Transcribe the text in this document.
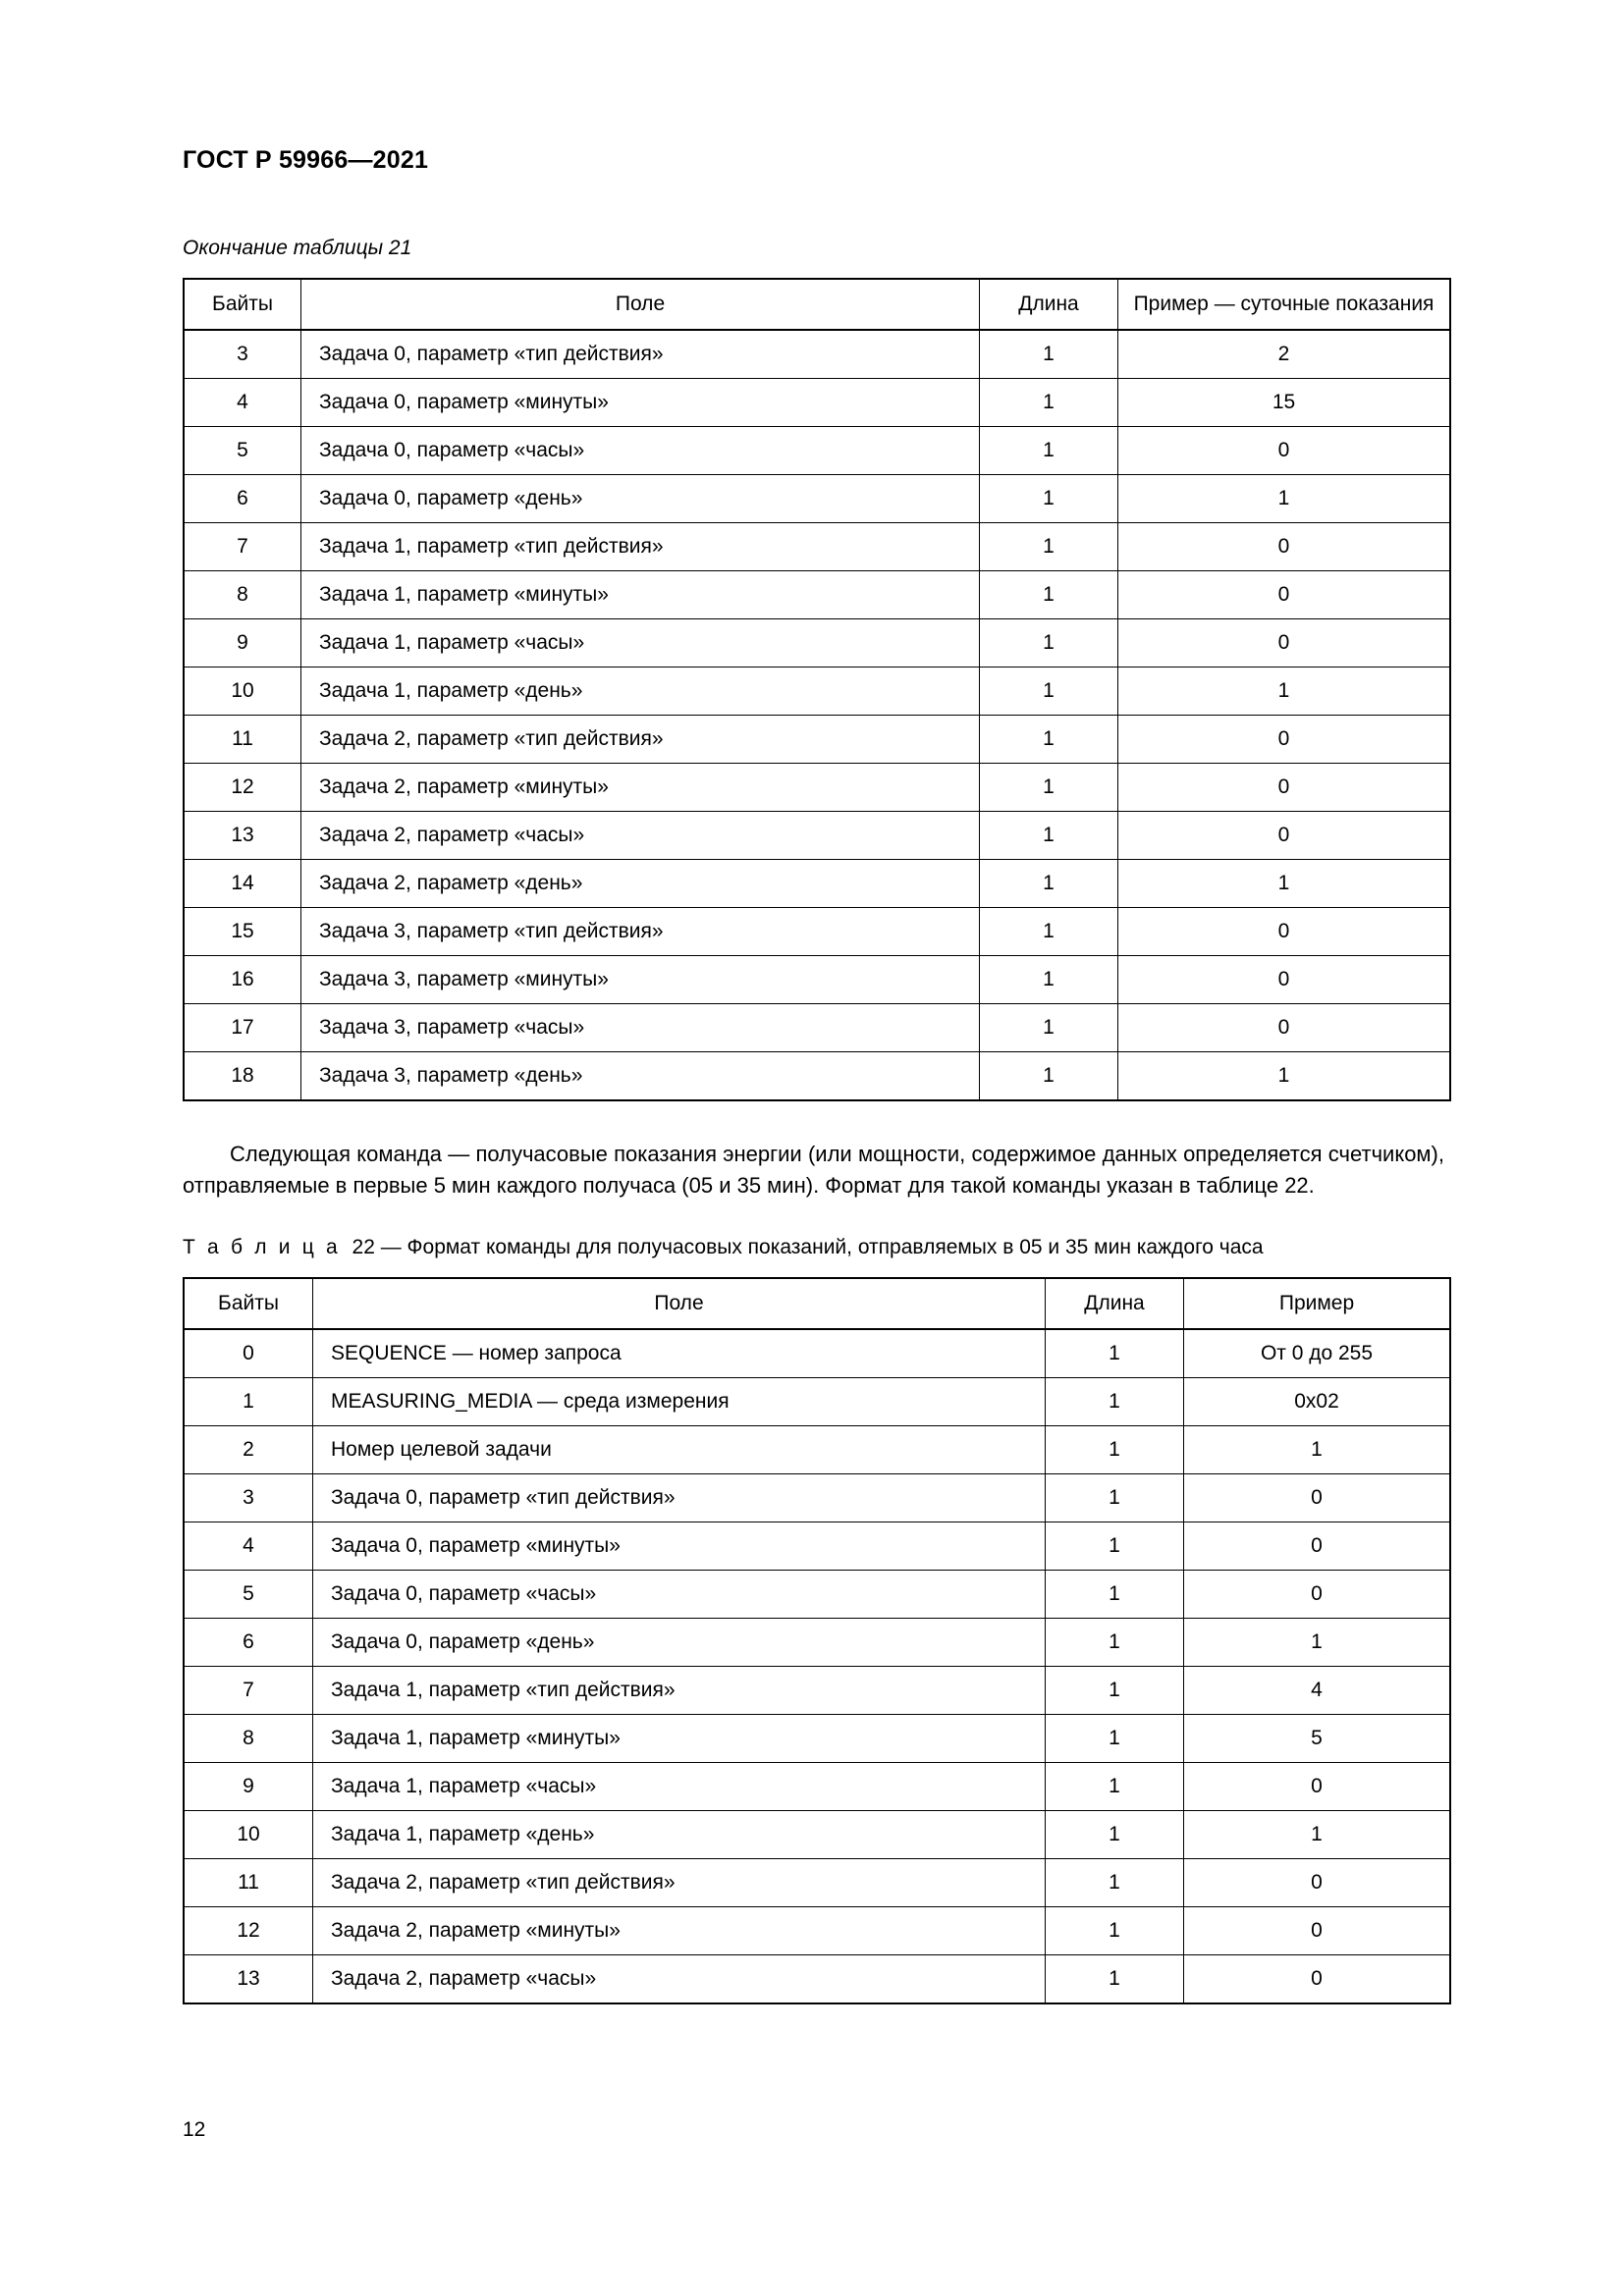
ГОСТ Р 59966—2021
Окончание таблицы 21
Байты	Поле	Длина	Пример — суточные показания
3	Задача 0, параметр «тип действия»	1	2
4	Задача 0, параметр «минуты»	1	15
5	Задача 0, параметр «часы»	1	0
6	Задача 0, параметр «день»	1	1
7	Задача 1, параметр «тип действия»	1	0
8	Задача 1, параметр «минуты»	1	0
9	Задача 1, параметр «часы»	1	0
10	Задача 1, параметр «день»	1	1
11	Задача 2, параметр «тип действия»	1	0
12	Задача 2, параметр «минуты»	1	0
13	Задача 2, параметр «часы»	1	0
14	Задача 2, параметр «день»	1	1
15	Задача 3, параметр «тип действия»	1	0
16	Задача 3, параметр «минуты»	1	0
17	Задача 3, параметр «часы»	1	0
18	Задача 3, параметр «день»	1	1

Следующая команда — получасовые показания энергии (или мощности, содержимое данных определяется счетчиком), отправляемые в первые 5 мин каждого получаса (05 и 35 мин). Формат для такой команды указан в таблице 22.

Т а б л и ц а 22 — Формат команды для получасовых показаний, отправляемых в 05 и 35 мин каждого часа
Байты	Поле	Длина	Пример
0	SEQUENCE — номер запроса	1	От 0 до 255
1	MEASURING_MEDIA — среда измерения	1	0x02
2	Номер целевой задачи	1	1
3	Задача 0, параметр «тип действия»	1	0
4	Задача 0, параметр «минуты»	1	0
5	Задача 0, параметр «часы»	1	0
6	Задача 0, параметр «день»	1	1
7	Задача 1, параметр «тип действия»	1	4
8	Задача 1, параметр «минуты»	1	5
9	Задача 1, параметр «часы»	1	0
10	Задача 1, параметр «день»	1	1
11	Задача 2, параметр «тип действия»	1	0
12	Задача 2, параметр «минуты»	1	0
13	Задача 2, параметр «часы»	1	0
12
